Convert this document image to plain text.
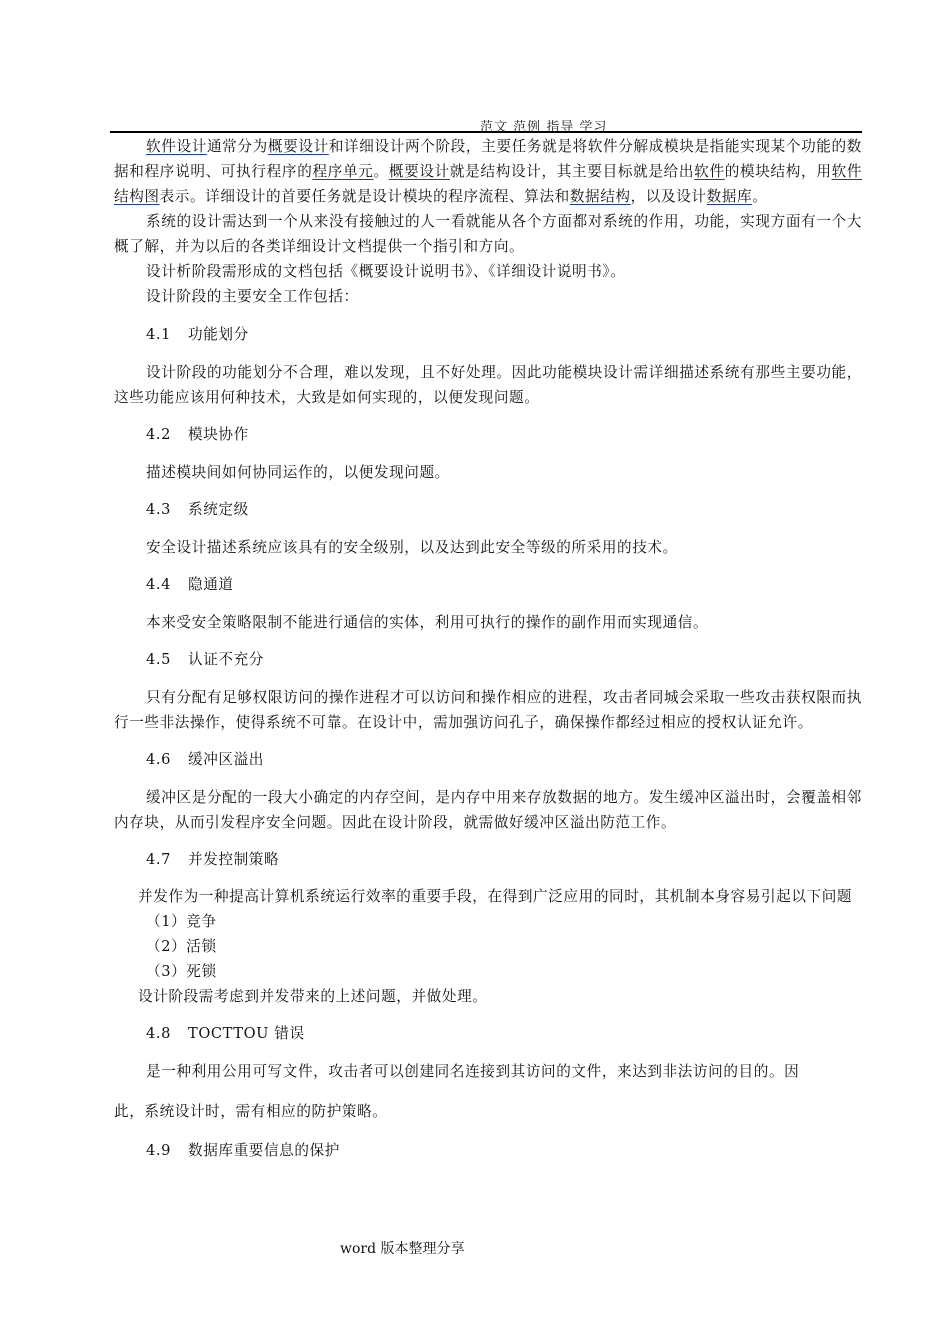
范文 范例 指导 学习

软件设计通常分为概要设计和详细设计两个阶段，主要任务就是将软件分解成模块是指能实现某个功能的数据和程序说明、可执行程序的程序单元。概要设计就是结构设计，其主要目标就是给出软件的模块结构，用软件结构图表示。详细设计的首要任务就是设计模块的程序流程、算法和数据结构，以及设计数据库。

系统的设计需达到一个从来没有接触过的人一看就能从各个方面都对系统的作用，功能，实现方面有一个大概了解，并为以后的各类详细设计文档提供一个指引和方向。

设计析阶段需形成的文档包括《概要设计说明书》、《详细设计说明书》。

设计阶段的主要安全工作包括：

4.1 功能划分

设计阶段的功能划分不合理，难以发现，且不好处理。因此功能模块设计需详细描述系统有那些主要功能，这些功能应该用何种技术，大致是如何实现的，以便发现问题。

4.2 模块协作

描述模块间如何协同运作的，以便发现问题。

4.3 系统定级

安全设计描述系统应该具有的安全级别，以及达到此安全等级的所采用的技术。

4.4 隐通道

本来受安全策略限制不能进行通信的实体，利用可执行的操作的副作用而实现通信。

4.5 认证不充分

只有分配有足够权限访问的操作进程才可以访问和操作相应的进程，攻击者同城会采取一些攻击获权限而执行一些非法操作，使得系统不可靠。在设计中，需加强访问孔子，确保操作都经过相应的授权认证允许。

4.6 缓冲区溢出

缓冲区是分配的一段大小确定的内存空间，是内存中用来存放数据的地方。发生缓冲区溢出时，会覆盖相邻内存块，从而引发程序安全问题。因此在设计阶段，就需做好缓冲区溢出防范工作。

4.7 并发控制策略

并发作为一种提高计算机系统运行效率的重要手段，在得到广泛应用的同时，其机制本身容易引起以下问题

（1）竞争

（2）活锁

（3）死锁

设计阶段需考虑到并发带来的上述问题，并做处理。

4.8 TOCTTOU 错误

是一种利用公用可写文件，攻击者可以创建同名连接到其访问的文件，来达到非法访问的目的。因

此，系统设计时，需有相应的防护策略。

4.9 数据库重要信息的保护

word 版本整理分享
